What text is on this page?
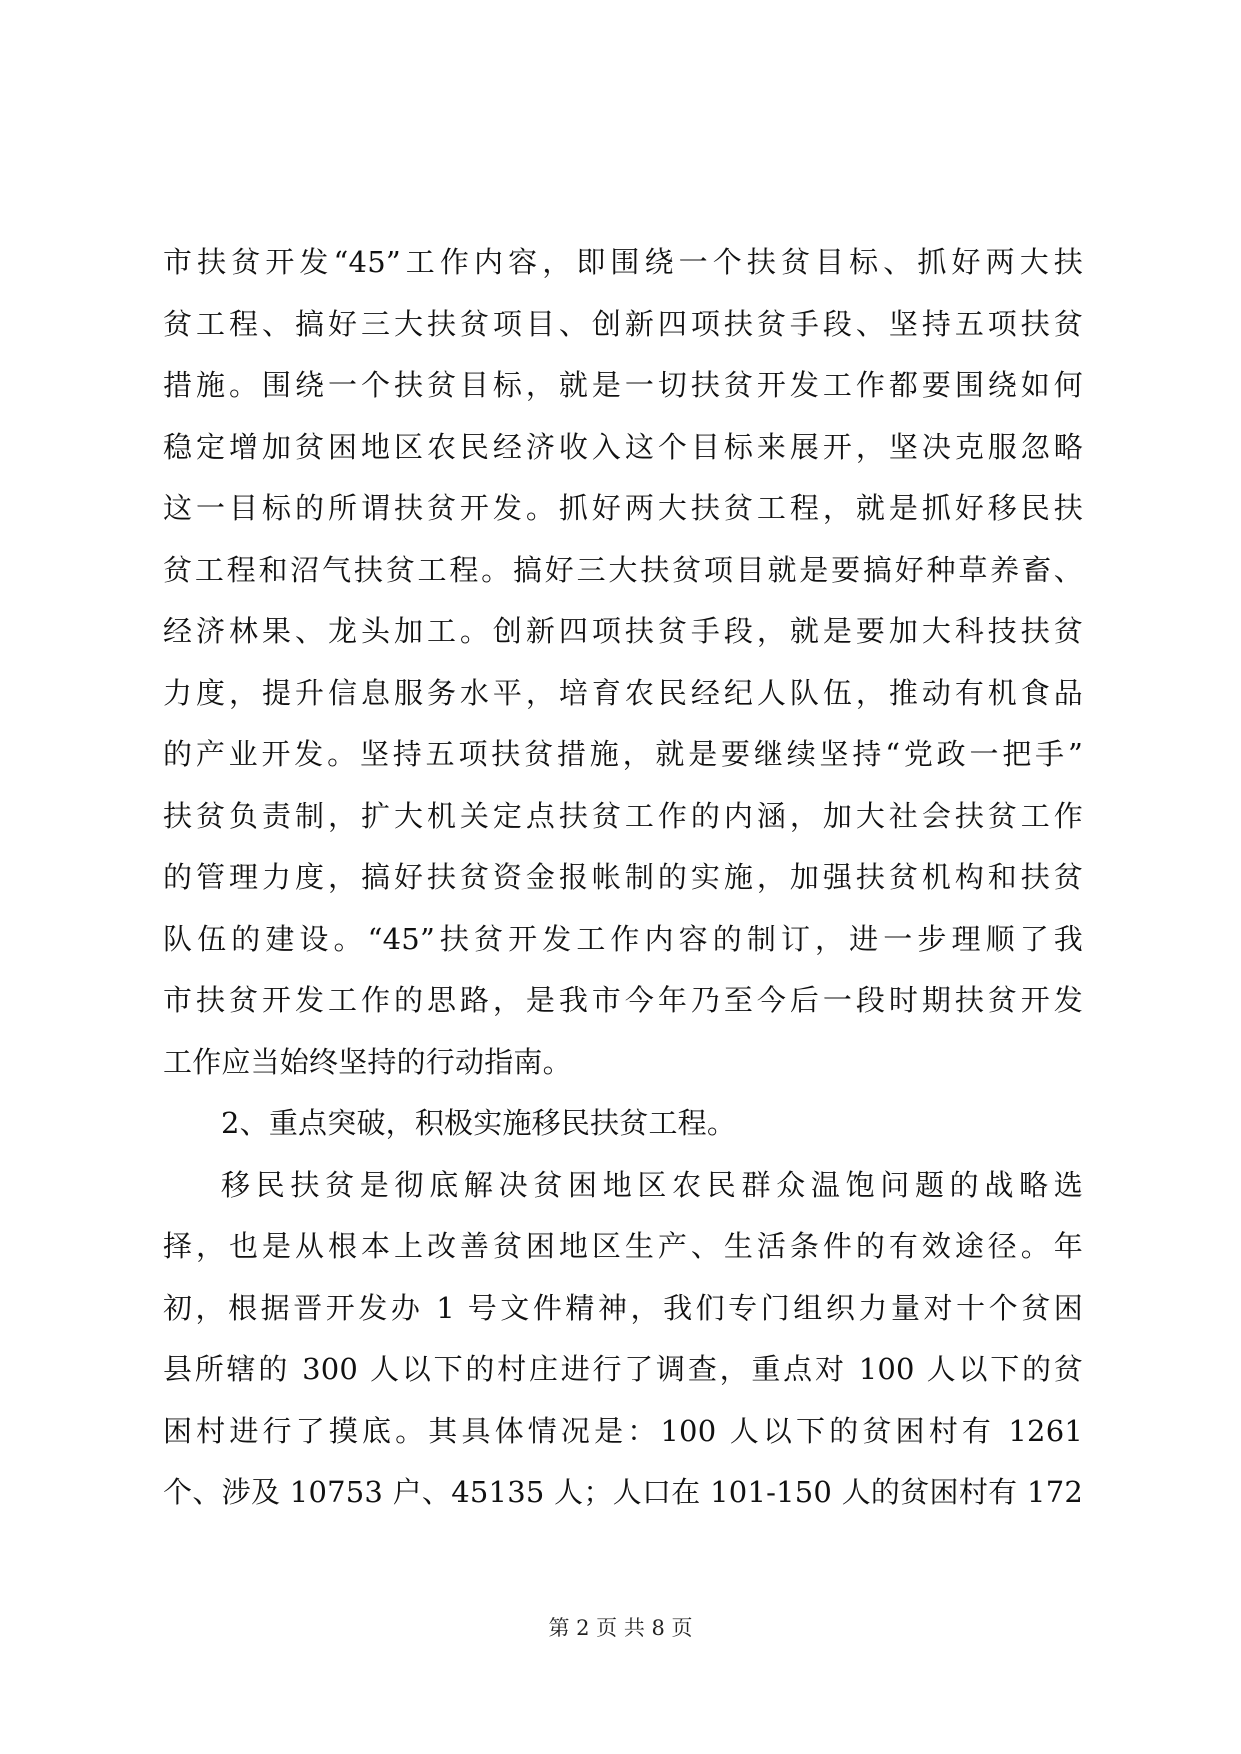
市扶贫开发“45”工作内容，即围绕一个扶贫目标、抓好两大扶
贫工程、搞好三大扶贫项目、创新四项扶贫手段、坚持五项扶贫
措施。围绕一个扶贫目标，就是一切扶贫开发工作都要围绕如何
稳定增加贫困地区农民经济收入这个目标来展开，坚决克服忽略
这一目标的所谓扶贫开发。抓好两大扶贫工程，就是抓好移民扶
贫工程和沼气扶贫工程。搞好三大扶贫项目就是要搞好种草养畜、
经济林果、龙头加工。创新四项扶贫手段，就是要加大科技扶贫
力度，提升信息服务水平，培育农民经纪人队伍，推动有机食品
的产业开发。坚持五项扶贫措施，就是要继续坚持“党政一把手”
扶贫负责制，扩大机关定点扶贫工作的内涵，加大社会扶贫工作
的管理力度，搞好扶贫资金报帐制的实施，加强扶贫机构和扶贫
队伍的建设。“45”扶贫开发工作内容的制订，进一步理顺了我
市扶贫开发工作的思路，是我市今年乃至今后一段时期扶贫开发
工作应当始终坚持的行动指南。
2、重点突破，积极实施移民扶贫工程。
移民扶贫是彻底解决贫困地区农民群众温饱问题的战略选
择，也是从根本上改善贫困地区生产、生活条件的有效途径。年
初，根据晋开发办 1 号文件精神，我们专门组织力量对十个贫困
县所辖的 300 人以下的村庄进行了调查，重点对 100 人以下的贫
困村进行了摸底。其具体情况是：100 人以下的贫困村有 1261
个、涉及 10753 户、45135 人；人口在 101-150 人的贫困村有 172
第 2 页 共 8 页
